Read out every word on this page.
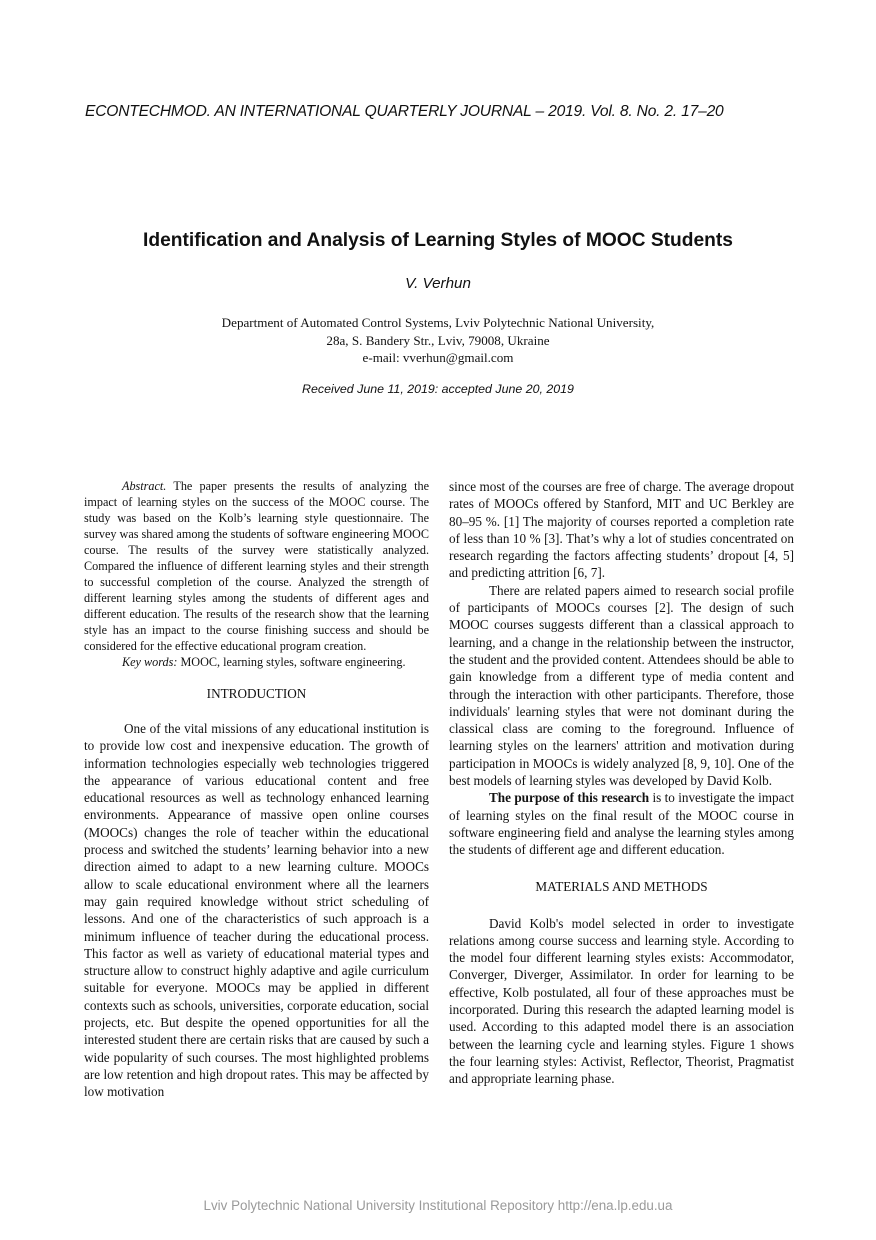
ECONTECHMOD. AN INTERNATIONAL QUARTERLY JOURNAL – 2019. Vol. 8. No. 2. 17–20
Identification and Analysis of Learning Styles of MOOC Students
V. Verhun
Department of Automated Control Systems, Lviv Polytechnic National University,
28a, S. Bandery Str., Lviv, 79008, Ukraine
e-mail: vverhun@gmail.com
Received June 11, 2019: accepted June 20, 2019

Abstract. The paper presents the results of analyzing the impact of learning styles on the success of the MOOC course. The study was based on the Kolb’s learning style questionnaire. The survey was shared among the students of software engineering MOOC course. The results of the survey were statistically analyzed. Compared the influence of different learning styles and their strength to successful completion of the course. Analyzed the strength of different learning styles among the students of different ages and different education. The results of the research show that the learning style has an impact to the course finishing success and should be considered for the effective educational program creation.

Key words: MOOC, learning styles, software engineering.

INTRODUCTION

One of the vital missions of any educational institution is to provide low cost and inexpensive education. The growth of information technologies especially web technologies triggered the appearance of various educational content and free educational resources as well as technology enhanced learning environments. Appearance of massive open online courses (MOOCs) changes the role of teacher within the educational process and switched the students’ learning behavior into a new direction aimed to adapt to a new learning culture. MOOCs allow to scale educational environment where all the learners may gain required knowledge without strict scheduling of lessons. And one of the characteristics of such approach is a minimum influence of teacher during the educational process. This factor as well as variety of educational material types and structure allow to construct highly adaptive and agile curriculum suitable for everyone. MOOCs may be applied in different contexts such as schools, universities, corporate education, social projects, etc. But despite the opened opportunities for all the interested student there are certain risks that are caused by such a wide popularity of such courses. The most highlighted problems are low retention and high dropout rates. This may be affected by low motivation

since most of the courses are free of charge. The average dropout rates of MOOCs offered by Stanford, MIT and UC Berkley are 80–95 %. [1] The majority of courses reported a completion rate of less than 10 % [3]. That’s why a lot of studies concentrated on research regarding the factors affecting students’ dropout [4, 5] and predicting attrition [6, 7].

There are related papers aimed to research social profile of participants of MOOCs courses [2]. The design of such MOOC courses suggests different than a classical approach to learning, and a change in the relationship between the instructor, the student and the provided content. Attendees should be able to gain knowledge from a different type of media content and through the interaction with other participants. Therefore, those individuals' learning styles that were not dominant during the classical class are coming to the foreground. Influence of learning styles on the learners' attrition and motivation during participation in MOOCs is widely analyzed [8, 9, 10]. One of the best models of learning styles was developed by David Kolb.

The purpose of this research is to investigate the impact of learning styles on the final result of the MOOC course in software engineering field and analyse the learning styles among the students of different age and different education.

MATERIALS AND METHODS

David Kolb's model selected in order to investigate relations among course success and learning style. According to the model four different learning styles exists: Accommodator, Converger, Diverger, Assimilator. In order for learning to be effective, Kolb postulated, all four of these approaches must be incorporated. During this research the adapted learning model is used. According to this adapted model there is an association between the learning cycle and learning styles. Figure 1 shows the four learning styles: Activist, Reflector, Theorist, Pragmatist and appropriate learning phase.

Lviv Polytechnic National University Institutional Repository http://ena.lp.edu.ua
